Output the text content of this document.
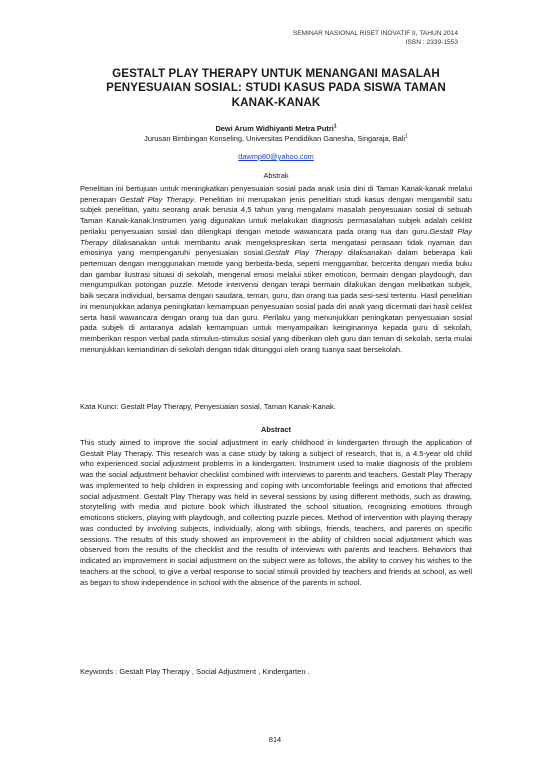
SEMINAR NASIONAL RISET INOVATIF II, TAHUN 2014
ISSN : 2339-1553
GESTALT PLAY THERAPY UNTUK MENANGANI MASALAH
PENYESUAIAN SOSIAL: STUDI KASUS PADA SISWA TAMAN
KANAK-KANAK
Dewi Arum Widhiyanti Metra Putri$^1$
Jurusan Bimbingan Konseling, Universitas Pendidikan Ganesha, Singaraja, Bali$^1$
dawmp80@yahoo.com
Abstrak

Penelitian ini bertujuan untuk meningkatkan penyesuaian sosial pada anak usia dini di Taman Kanak-kanak melalui penerapan Gestalt Play Therapy. Penelitian ini merupakan jenis penelitian studi kasus dengan mengambil satu subjek penelitian, yaitu seorang anak berusia 4,5 tahun yang mengalami masalah penyesuaian sosial di sebuah Taman Kanak-kanak.Instrumen yang digunakan untuk melakukan diagnosis permasalahan subjek adalah ceklist perilaku penyesuaian sosial dan dilengkapi dengan metode wawancara pada orang tua dan guru.Gestalt Play Therapy dilaksanakan untuk membantu anak mengekspresikan serta mengatasi perasaan tidak nyaman dan emosinya yang mempengaruhi penyesuaian sosial.Gestalt Play Therapy dilaksanakan dalam beberapa kali pertemuan dengan menggunakan metode yang berbeda-beda, seperti menggambar, bercerita dengan media buku dan gambar ilustrasi situasi di sekolah, mengenal emosi melalui stiker emoticon, bermain dengan playdough, dan mengumpulkan potongan puzzle. Metode intervensi dengan terapi bermain dilakukan dengan melibatkan subjek, baik secara individual, bersama dengan saudara, teman, guru, dan orang tua pada sesi-sesi tertentu. Hasil penelitian ini menunjukkan adanya peningkatan kemampuan penyesuaian sosial pada diri anak yang dicermati dari hasil ceklist serta hasil wawancara dengan orang tua dan guru. Perilaku yang menunjukkan peningkatan penyesuaian sosial pada subjek di antaranya adalah kemampuan untuk menyampaikan keinginannya kepada guru di sekolah, memberikan respon verbal pada stimulus-stimulus sosial yang diberikan oleh guru dan teman di sekolah, serta mulai menunjukkan kemandirian di sekolah dengan tidak ditunggui oleh orang tuanya saat bersekolah.

Kata Kunci: Gestalt Play Therapy, Penyesuaian sosial, Taman Kanak-Kanak.

Abstract

This study aimed to improve the social adjustment in early childhood in kindergarten through the application of Gestalt Play Therapy. This research was a case study by taking a subject of research, that is, a 4.5-year old child who experienced social adjustment problems in a kindergarten. Instrument used to make diagnosis of the problem was the social adjustment behavior checklist combined with interviews to parents and teachers. Gestalt Play Therapy was implemented to help children in expressing and coping with uncomfortable feelings and emotions that affected social adjustment. Gestalt Play Therapy was held in several sessions by using different methods, such as drawing, storytelling with media and picture book which illustrated the school situation, recognizing emotions through emoticons stickers, playing with playdough, and collecting puzzle pieces. Method of intervention with playing therapy was conducted by involving subjects, individually, along with siblings, friends, teachers, and parents on specific sessions. The results of this study showed an improvement in the ability of children social adjustment which was observed from the results of the checklist and the results of interviews with parents and teachers. Behaviors that indicated an improvement in social adjustment on the subject were as follows, the ability to convey his wishes to the teachers at the school, to give a verbal response to social stimuli provided by teachers and friends at school, as well as began to show independence in school with the absence of the parents in school.

Keywords : Gestalt Play Therapy , Social Adjustment , Kindergarten .

814
